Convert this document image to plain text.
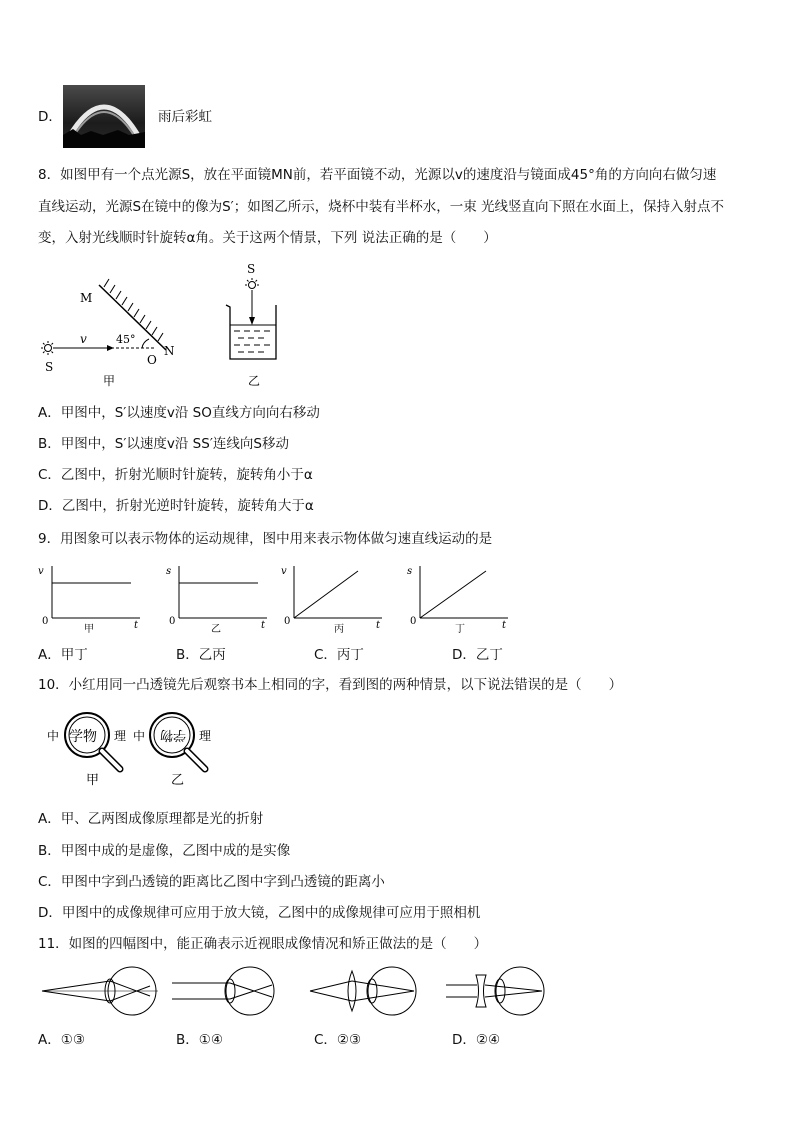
D．	雨后彩虹
8．如图甲有一个点光源S，放在平面镜MN前，若平面镜不动，光源以v的速度沿与镜面成45°角的方向向右做匀速
直线运动，光源S在镜中的像为S′；如图乙所示，烧杯中装有半杯水，一束 光线竖直向下照在水面上，保持入射点不
变，入射光线顺时针旋转α角。关于这两个情景，下列 说法正确的是（　　）
M
N
O
S
v	45°
甲
S
乙
A．甲图中，S′以速度v沿 SO直线方向向右移动
B．甲图中，S′以速度v沿 SS′连线向S移动
C．乙图中，折射光顺时针旋转，旋转角小于α
D．乙图中，折射光逆时针旋转，旋转角大于α
9．用图象可以表示物体的运动规律，图中用来表示物体做匀速直线运动的是
v
0	t
甲
s
0	t
乙
v
0	t
丙
s
0	t
丁
A．甲丁	B．乙丙	C．丙丁	D．乙丁
10．小红用同一凸透镜先后观察书本上相同的字，看到图的两种情景，以下说法错误的是（　　）
中 学物 理
甲
中 学物 理
乙
A．甲、乙两图成像原理都是光的折射
B．甲图中成的是虚像，乙图中成的是实像
C．甲图中字到凸透镜的距离比乙图中字到凸透镜的距离小
D．甲图中的成像规律可应用于放大镜，乙图中的成像规律可应用于照相机
11．如图的四幅图中，能正确表示近视眼成像情况和矫正做法的是（　　）
A．①③	B．①④	C．②③	D．②④
